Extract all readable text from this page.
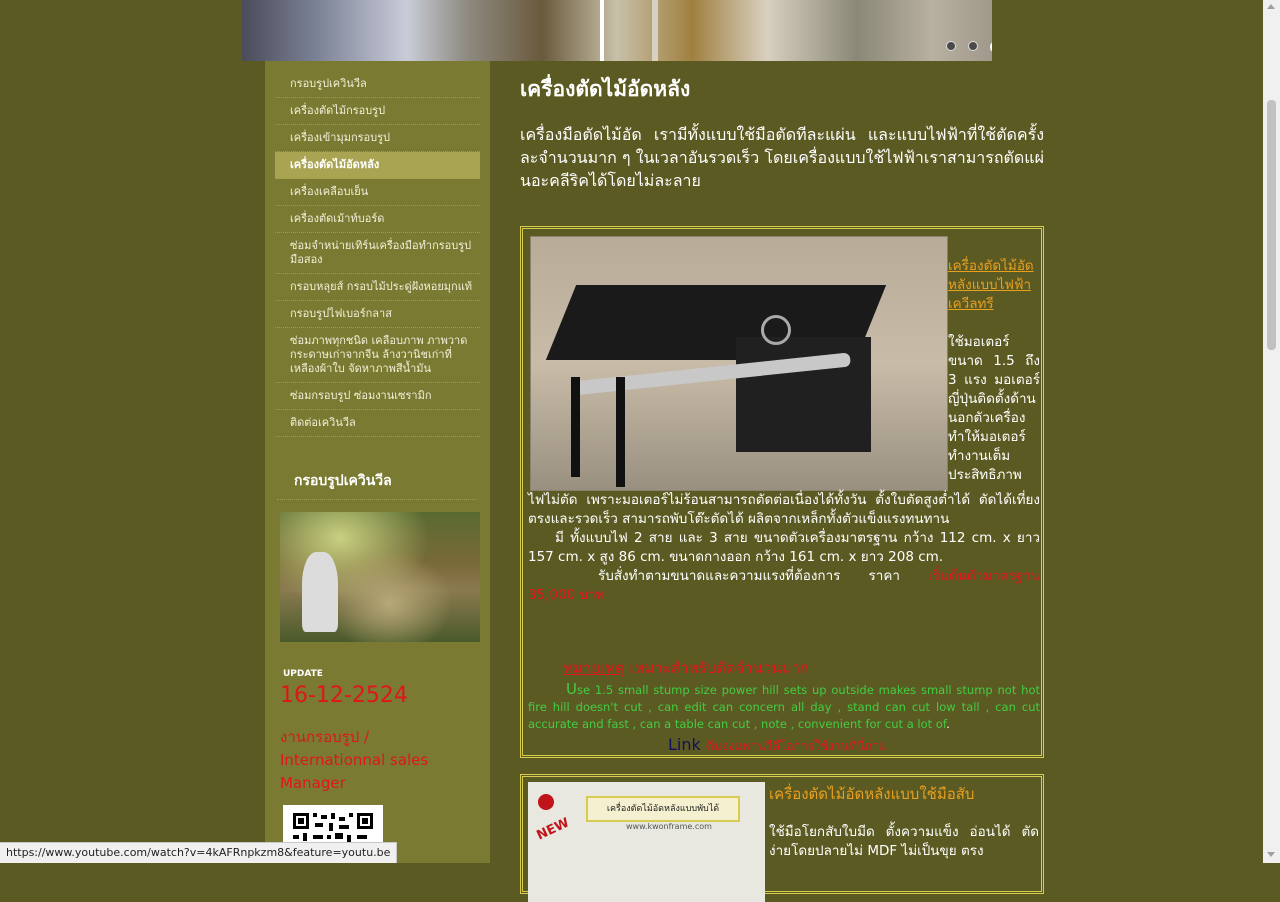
กรอบรูปเควินวีล
เครื่องตัดไม้กรอบรูป
เครื่องเข้ามุมกรอบรูป
เครื่องตัดไม้อัดหลัง
เครื่องเคลือบเย็น
เครื่องตัดเม้าท์บอร์ด
ซ่อมจำหน่ายเทิร์นเครื่องมือทำกรอบรูปมือสอง
กรอบหลุยส์ กรอบไม้ประดู่ฝังหอยมุกแท้
กรอบรูปไฟเบอร์กลาส
ซ่อมภาพทุกชนิด เคลือบภาพ ภาพวาดกระดาษเก่าจากจีน ล้างวานิชเก่าที่เหลืองผ้าใบ จัดหาภาพสีน้ำมัน
ซ่อมกรอบรูป ซ่อมงานเซรามิก
ติดต่อเควินวีล
กรอบรูปเควินวีล
UPDATE
16-12-2524
งานกรอบรูป / Internationnal sales Manager
เครื่องตัดไม้อัดหลัง

เครื่องมือตัดไม้อัด เรามีทั้งแบบใช้มือตัดทีละแผ่น และแบบไฟฟ้าที่ใช้ตัดครั้งละจำนวนมาก ๆ ในเวลาอันรวดเร็ว โดยเครื่องแบบใช้ไฟฟ้าเราสามารถตัดแผ่นอะคลีริคได้โดยไม่ละลาย

เครื่องตัดไม้อัดหลังแบบไฟฟ้าเควีลทรี
ใช้มอเตอร์ขนาด 1.5 ถึง 3 แรง มอเตอร์ญี่ปุ่นติดตั้งด้านนอกตัวเครื่องทำให้มอเตอร์ทำงานเต็มประสิทธิภาพ
ไฟไม่ตัด เพราะมอเตอร์ไม่ร้อนสามารถตัดต่อเนื่องได้ทั้งวัน ตั้งใบตัดสูงต่ำได้ ตัดได้เที่ยงตรงและรวดเร็ว สามารถพับโต๊ะตัดได้ ผลิตจากเหล็กทั้งตัวแข็งแรงทนทาน
มี ทั้งแบบไฟ 2 สาย และ 3 สาย ขนาดตัวเครื่องมาตรฐาน กว้าง 112 cm. x ยาว 157 cm. x สูง 86 cm. ขนาดกางออก กว้าง 161 cm. x ยาว 208 cm.
รับสั่งทำตามขนาดและความแรงที่ต้องการ ราคา เริ่มต้นตัวมาตรฐาน 35,000 บาท
หมายเหตุ เหมาะสำหรับตัดจำนวนมาก
Use 1.5 small stump size power hill sets up outside makes small stump not hot fire hill doesn't cut , can edit can concern all day , stand can cut low tall , can cut accurate and fast , can a table can cut , note , convenient for cut a lot of.
Link ดีมองมพานวีดีโอการใช้งานที่นี่กาม
เครื่องตัดไม้อัดหลังแบบพับได้
NEW	www.kwonframe.com
เครื่องตัดไม้อัดหลังแบบใช้มือสับ
ใช้มือโยกสับใบมีด ตั้งความแข็ง อ่อนได้ ตัดง่ายโดยปลายไม่ MDF ไม่เป็นขุย ตรง
https://www.youtube.com/watch?v=4kAFRnpkzm8&feature=youtu.be
